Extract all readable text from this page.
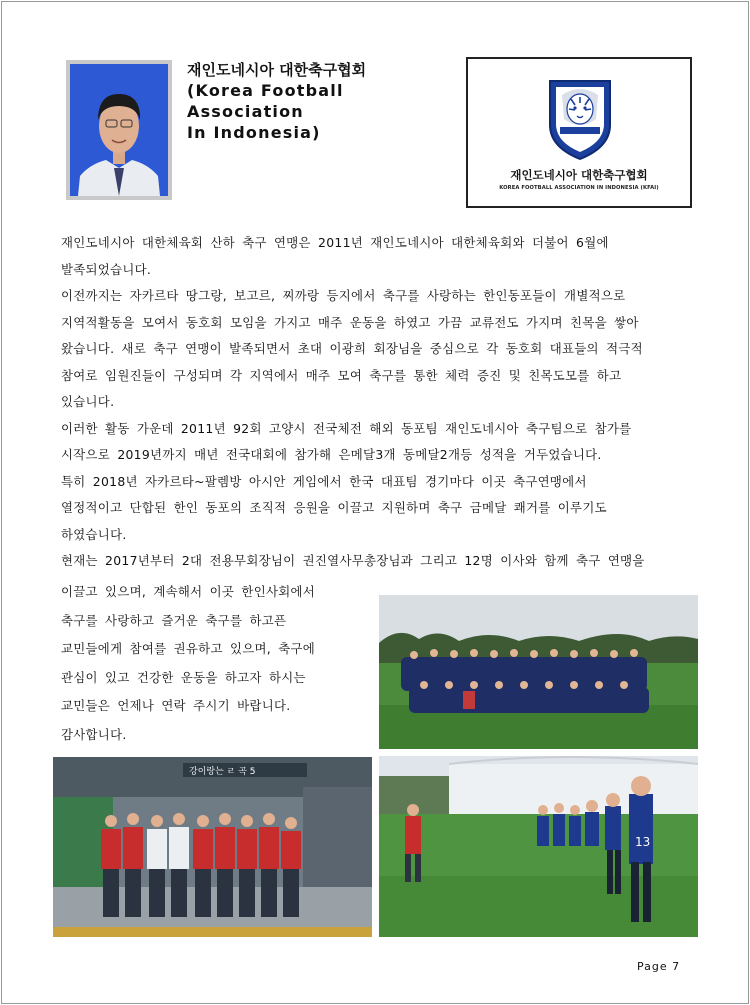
재인도네시아 대한축구협회
(Korea Football Association
In Indonesia)
재인도네시아 대한축구협회
KOREA FOOTBALL ASSOCIATION IN INDONESIA (KFAI)

재인도네시아 대한체육회 산하 축구 연맹은 2011년 재인도네시아 대한체육회와 더불어 6월에
발족되었습니다.
이전까지는 자카르타 땅그랑, 보고르, 찌까랑 등지에서 축구를 사랑하는 한인동포들이 개별적으로
지역적활동을 모여서 동호회 모임을 가지고 매주 운동을 하였고 가끔 교류전도 가지며 친목을 쌓아
왔습니다. 새로 축구 연맹이 발족되면서 초대 이광희 회장님을 중심으로 각 동호회 대표들의 적극적
참여로 임원진들이 구성되며 각 지역에서 매주 모여 축구를 통한 체력 증진 및 친목도모를 하고
있습니다.
이러한 활동 가운데 2011년 92회 고양시 전국체전 해외 동포팀 재인도네시아 축구팀으로 참가를
시작으로 2019년까지 매년 전국대회에 참가해 은메달3개 동메달2개등 성적을 거두었습니다.
특히 2018년 자카르타~팔렘방 아시안 게임에서 한국 대표팀 경기마다 이곳 축구연맹에서
열정적이고 단합된 한인 동포의 조직적 응원을 이끌고 지원하며 축구 금메달 쾌거를 이루기도
하였습니다.
현재는 2017년부터 2대 전용무회장님이 권진열사무총장님과 그리고 12명 이사와 함께 축구 연맹을

이끌고 있으며, 계속해서 이곳 한인사회에서
축구를 사랑하고 즐거운 축구를 하고픈
교민들에게 참여를 권유하고 있으며, 축구에
관심이 있고 건강한 운동을 하고자 하시는
교민들은 언제나 연락 주시기 바랍니다.
감사합니다.
강이랑는 ㄹ 곡 5
13
Page 7
